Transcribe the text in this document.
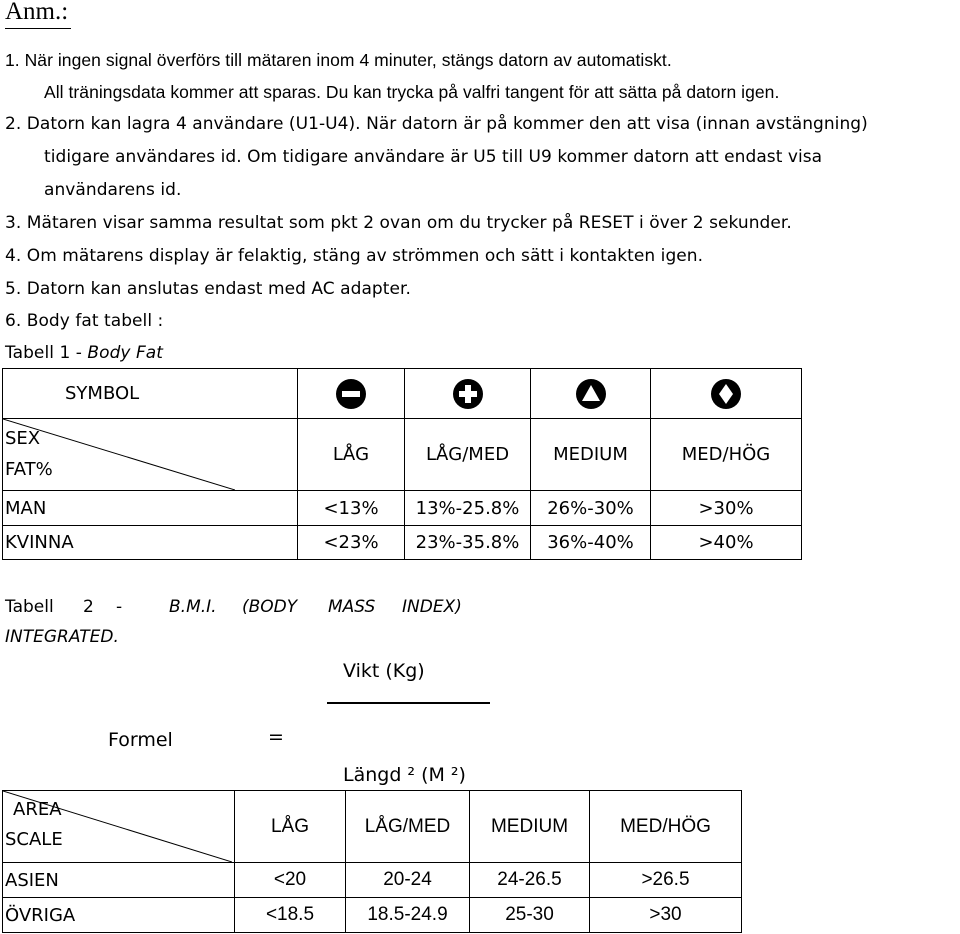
Anm.:
1. När ingen signal överförs till mätaren inom 4 minuter, stängs datorn av automatiskt.
All träningsdata kommer att sparas. Du kan trycka på valfri tangent för att sätta på datorn igen.
2. Datorn kan lagra 4 användare (U1-U4). När datorn är på kommer den att visa (innan avstängning)
tidigare användares id. Om tidigare användare är U5 till U9 kommer datorn att endast visa
användarens id.
3. Mätaren visar samma resultat som pkt 2 ovan om du trycker på RESET i över 2 sekunder.
4. Om mätarens display är felaktig, stäng av strömmen och sätt i kontakten igen.
5. Datorn kan anslutas endast med AC adapter.
6. Body fat tabell :
Tabell 1 - Body Fat
SYMBOL				

SEX
FAT%	LÅG	LÅG/MED	MEDIUM	MED/HÖG
MAN	<13%	13%-25.8%	26%-30%	>30%
KVINNA	<23%	23%-35.8%	36%-40%	>40%
Tabell 2 -	B.M.I. (BODY MASS INDEX)
INTEGRATED.
Vikt (Kg)
Formel	=
Längd ² (M ²)
AREA
SCALE	LÅG	LÅG/MED	MEDIUM	MED/HÖG
ASIEN	<20	20-24	24-26.5	>26.5
ÖVRIGA	<18.5	18.5-24.9	25-30	>30
